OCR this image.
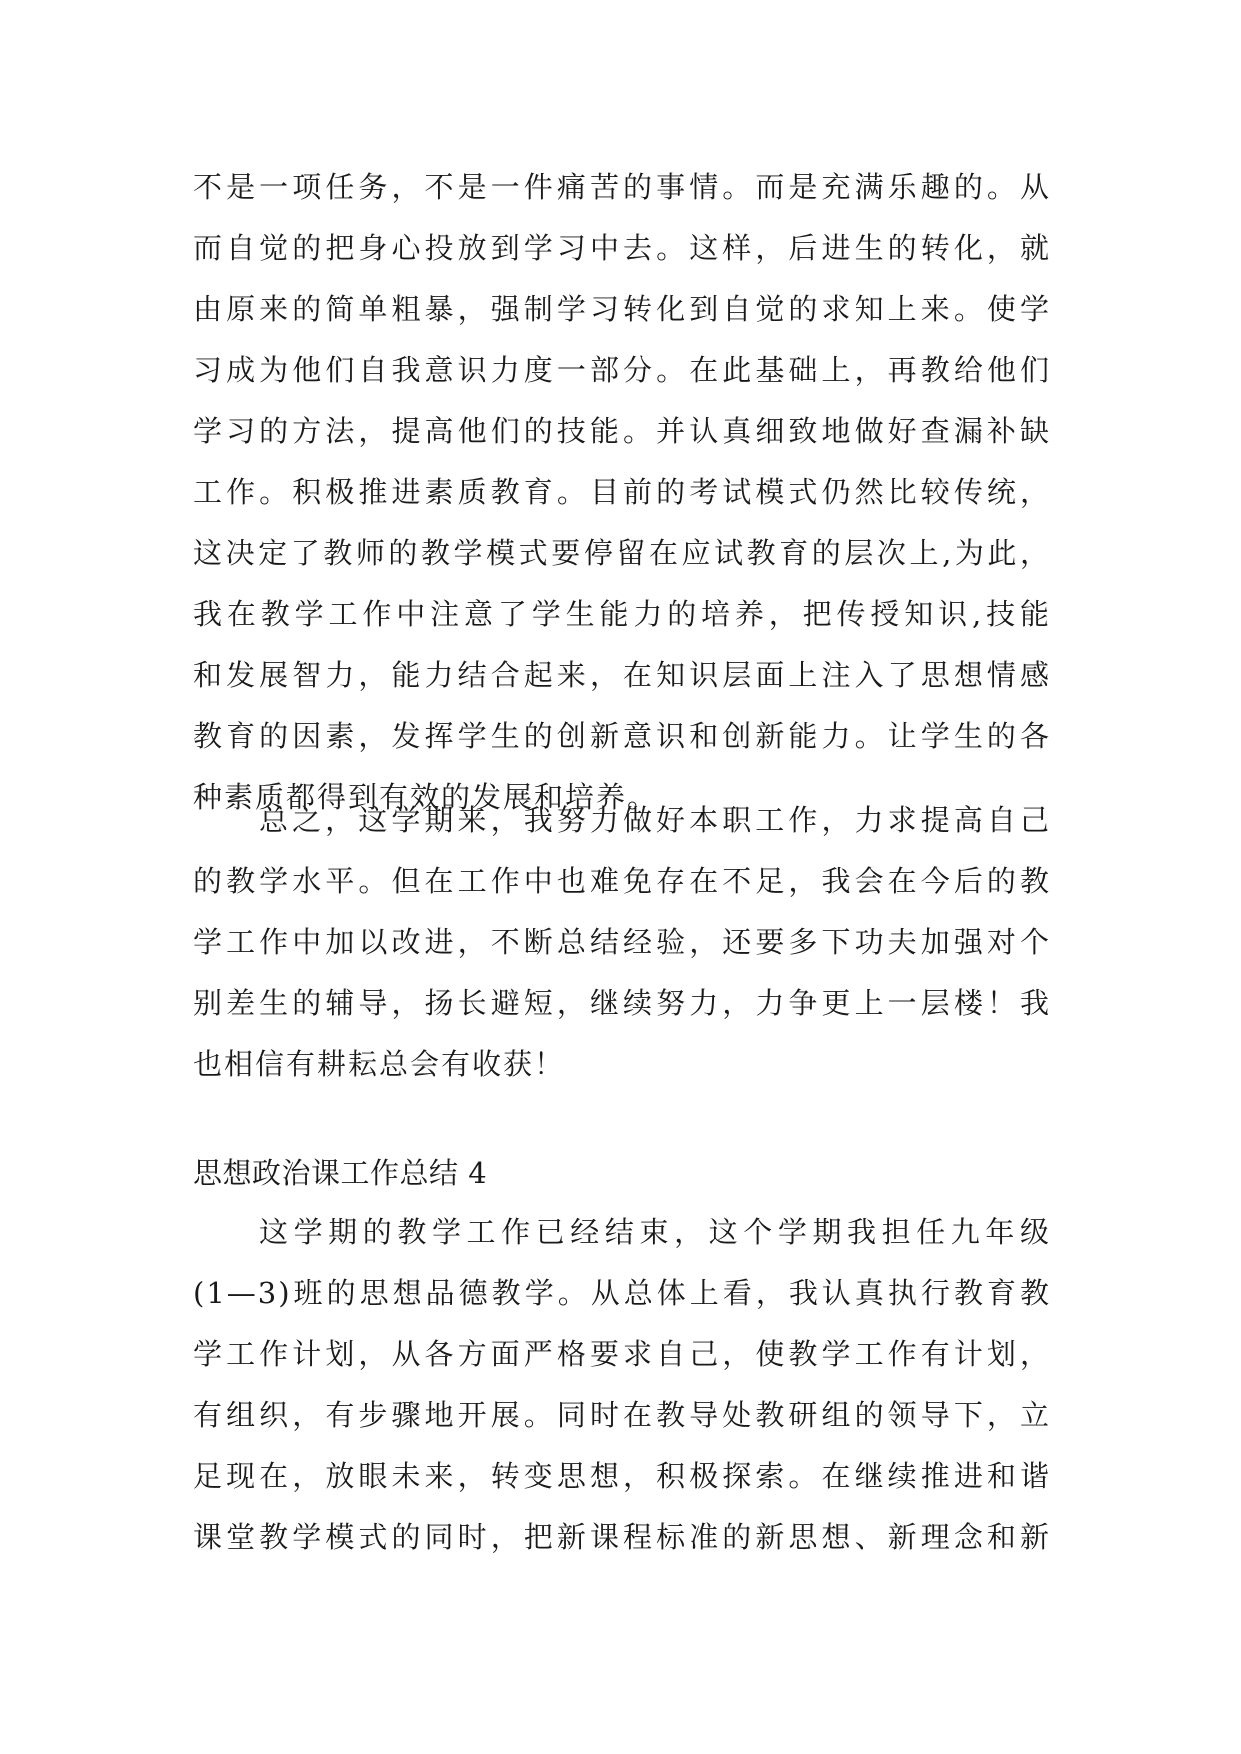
不是一项任务，不是一件痛苦的事情。而是充满乐趣的。从
而自觉的把身心投放到学习中去。这样，后进生的转化，就
由原来的简单粗暴，强制学习转化到自觉的求知上来。使学
习成为他们自我意识力度一部分。在此基础上，再教给他们
学习的方法，提高他们的技能。并认真细致地做好查漏补缺
工作。积极推进素质教育。目前的考试模式仍然比较传统，
这决定了教师的教学模式要停留在应试教育的层次上,为此，
我在教学工作中注意了学生能力的培养，把传授知识,技能
和发展智力，能力结合起来，在知识层面上注入了思想情感
教育的因素，发挥学生的创新意识和创新能力。让学生的各
种素质都得到有效的发展和培养。
总之，这学期来，我努力做好本职工作，力求提高自己
的教学水平。但在工作中也难免存在不足，我会在今后的教
学工作中加以改进，不断总结经验，还要多下功夫加强对个
别差生的辅导，扬长避短，继续努力，力争更上一层楼！我
也相信有耕耘总会有收获！
思想政治课工作总结 4
这学期的教学工作已经结束，这个学期我担任九年级
(1—3)班的思想品德教学。从总体上看，我认真执行教育教
学工作计划，从各方面严格要求自己，使教学工作有计划，
有组织，有步骤地开展。同时在教导处教研组的领导下，立
足现在，放眼未来，转变思想，积极探索。在继续推进和谐
课堂教学模式的同时，把新课程标准的新思想、新理念和新
